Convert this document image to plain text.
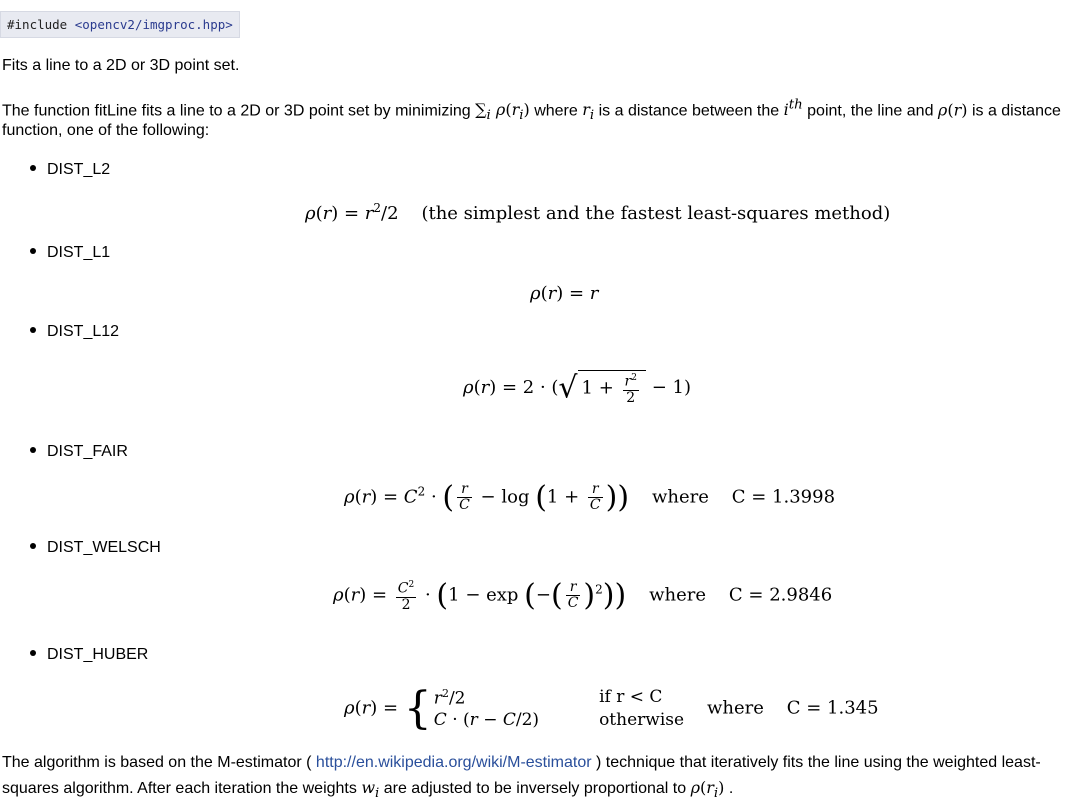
#include <opencv2/imgproc.hpp>
Fits a line to a 2D or 3D point set.
The function fitLine fits a line to a 2D or 3D point set by minimizing $\sum_i$ $\rho(r_i)$ where $r_i$ is a distance between the $i^{th}$ point, the line and ρ(r) is a distance
function, one of the following:
DIST_L2
$\rho(r) = r^2/2$    (the simplest and the fastest least-squares method)
DIST_L1
ρ(r) = r
DIST_L12
ρ(r) = 2 · (√ $1 + \frac{r^2}{2} - 1$)
DIST_FAIR
$\rho(r) = C^2$ · ( $\frac{r}{C} - \log (1 + \frac{r}{C}$ )) where C = 1.3998
DIST_WELSCH
$\rho(r) = \frac{C^2}{2} \cdot (1 - \exp$ (−( $\frac{r}{C} )^2$)) where C = 2.9846
DIST_HUBER
ρ(r) = { $r^2/2$	if r < C
C · (r − C/2)	otherwise
where C = 1.345
The algorithm is based on the M-estimator ( http://en.wikipedia.org/wiki/M-estimator ) technique that iteratively fits the line using the weighted least-
squares algorithm. After each iteration the weights $w_i$ are adjusted to be inversely proportional to $\rho(r_i)$ .
